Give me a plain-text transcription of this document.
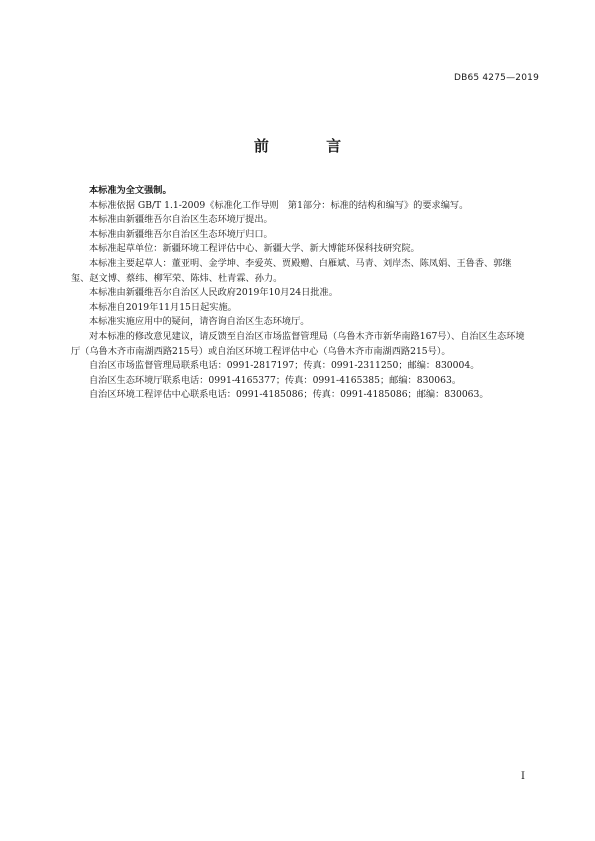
DB65 4275—2019
前 言

本标准为全文强制。

本标准依据 GB/T 1.1-2009《标准化工作导则　第1部分：标准的结构和编写》的要求编写。

本标准由新疆维吾尔自治区生态环境厅提出。

本标准由新疆维吾尔自治区生态环境厅归口。

本标准起草单位：新疆环境工程评估中心、新疆大学、新大博能环保科技研究院。

本标准主要起草人：董亚明、金学坤、李爱英、贾殿赠、白雁斌、马青、刘岸杰、陈凤娟、王鲁香、郭继玺、赵文博、蔡纬、柳军荣、陈炜、杜青霖、孙力。

本标准由新疆维吾尔自治区人民政府2019年10月24日批准。

本标准自2019年11月15日起实施。

本标准实施应用中的疑问，请咨询自治区生态环境厅。

对本标准的修改意见建议，请反馈至自治区市场监督管理局（乌鲁木齐市新华南路167号）、自治区生态环境厅（乌鲁木齐市南湖西路215号）或自治区环境工程评估中心（乌鲁木齐市南湖西路215号）。

自治区市场监督管理局联系电话：0991-2817197；传真：0991-2311250；邮编：830004。

自治区生态环境厅联系电话：0991-4165377；传真：0991-4165385；邮编：830063。

自治区环境工程评估中心联系电话：0991-4185086；传真：0991-4185086；邮编：830063。

I
